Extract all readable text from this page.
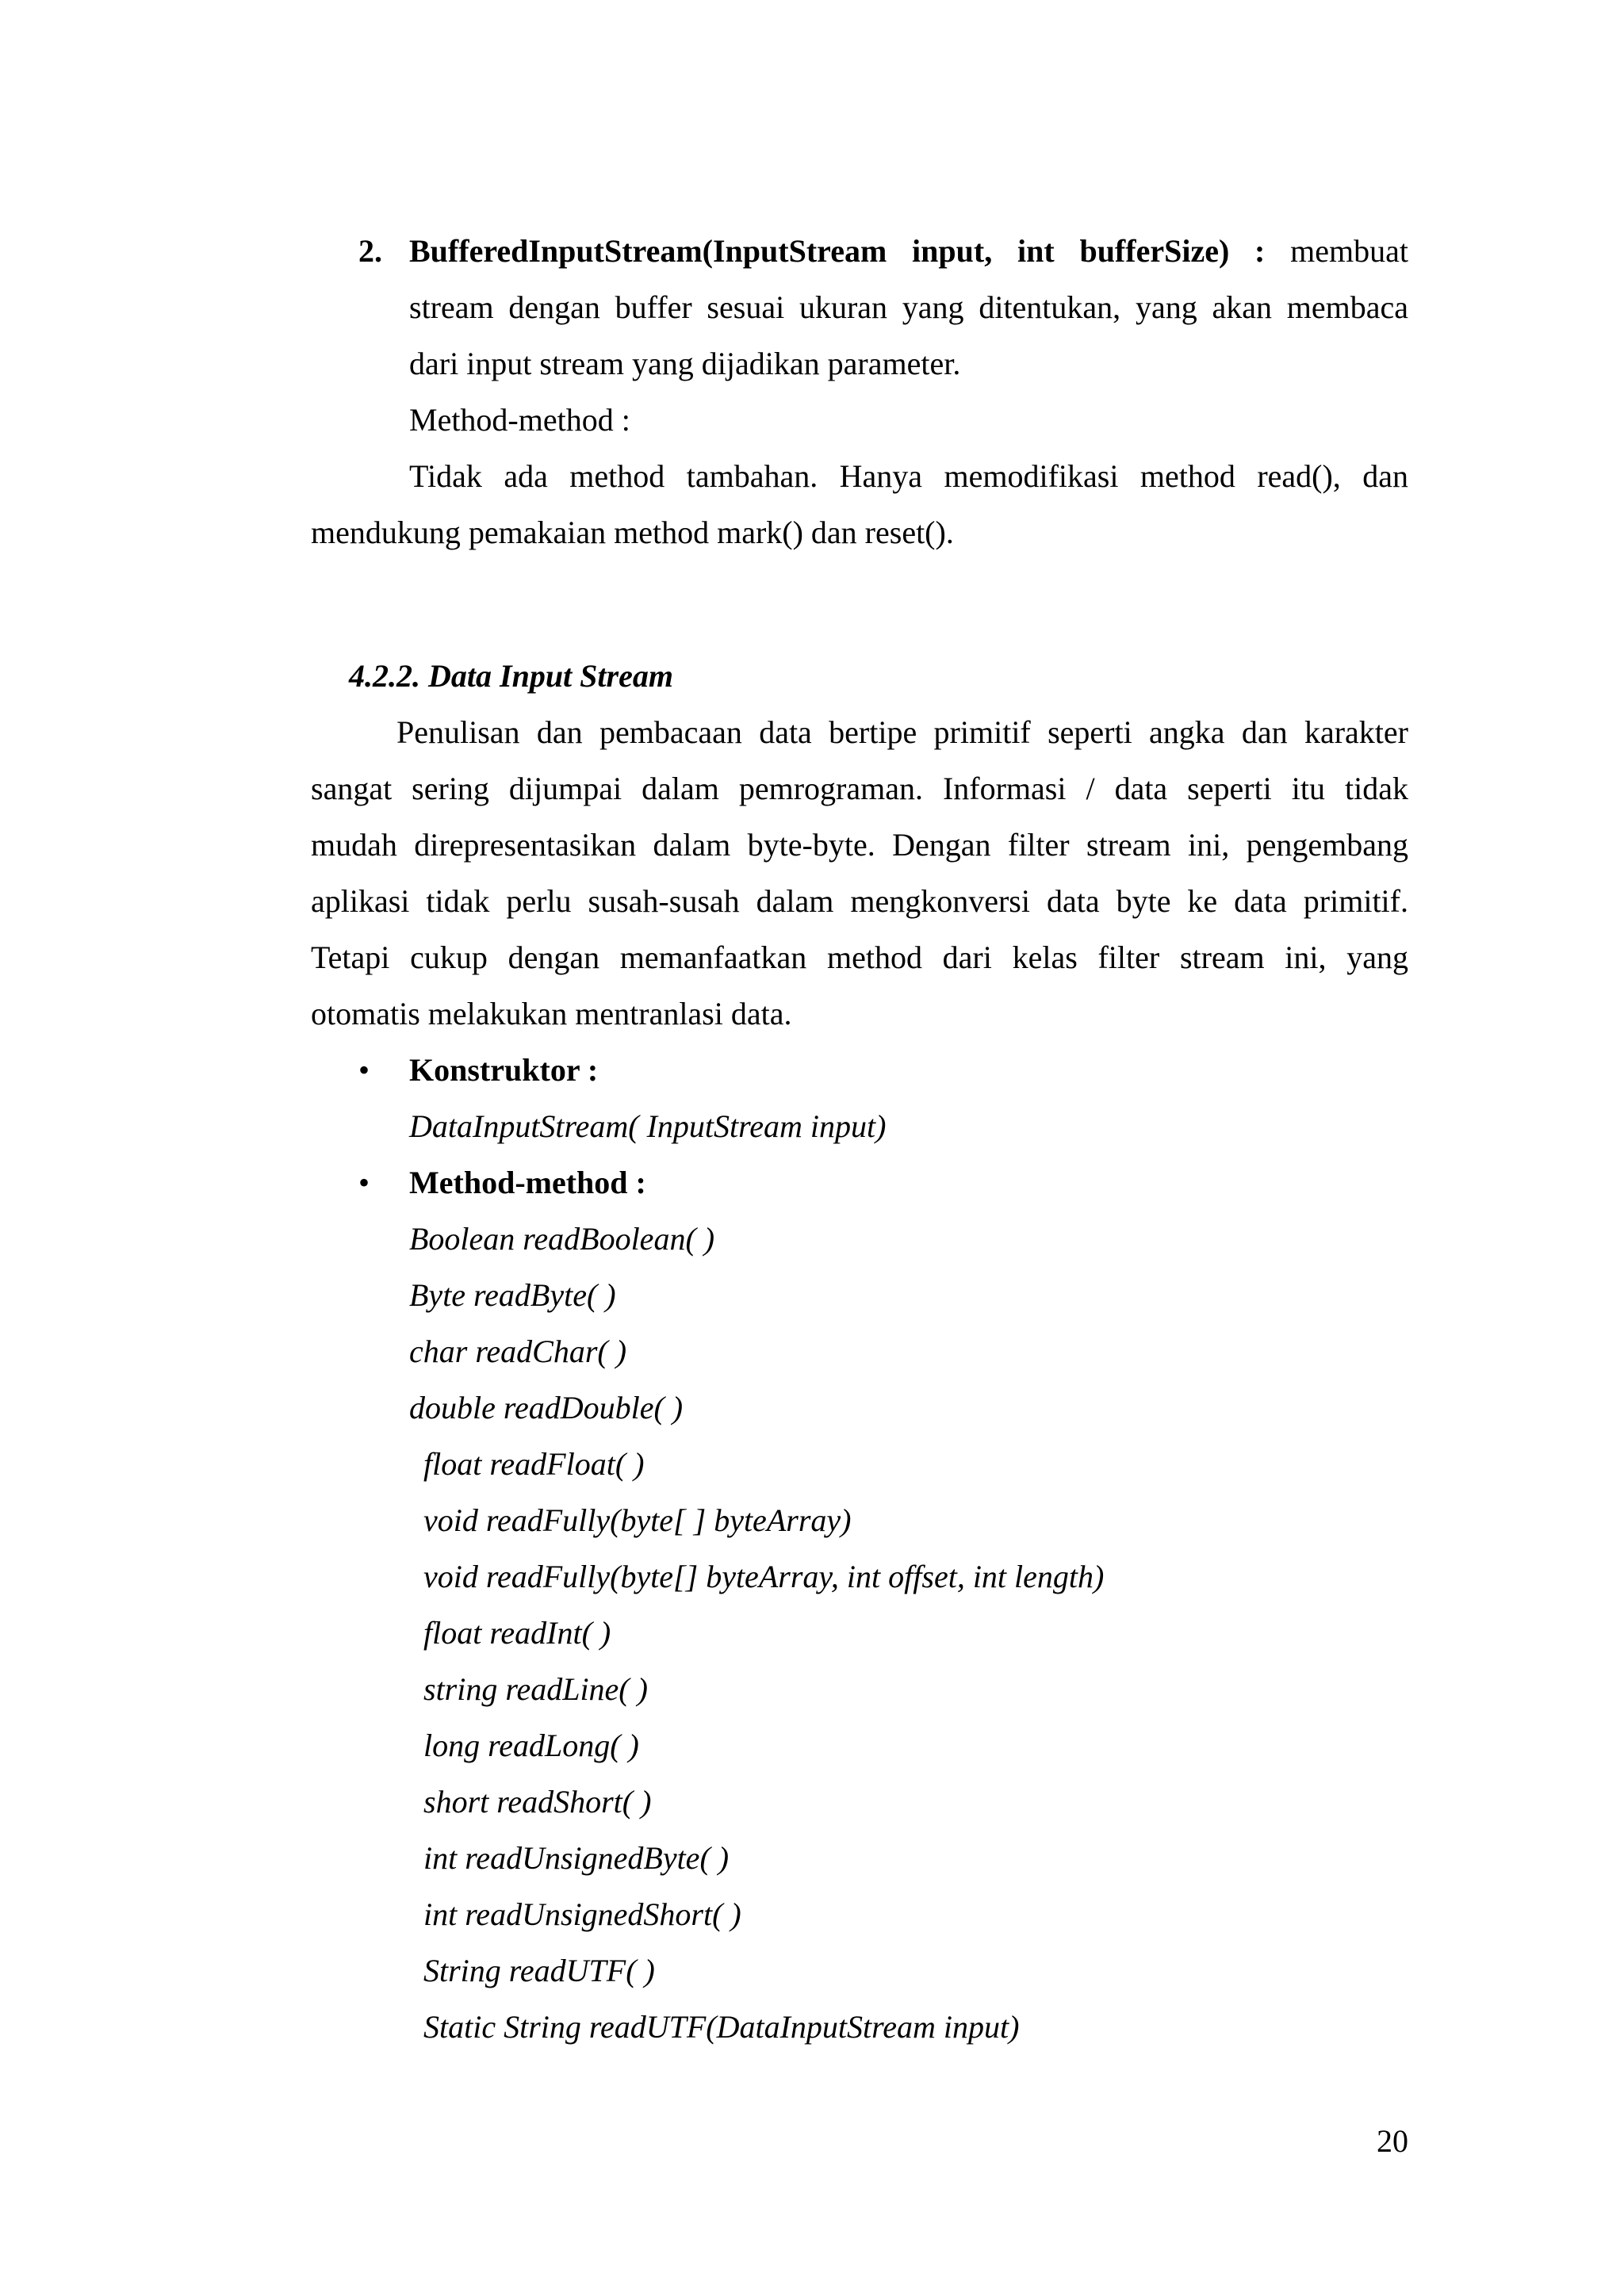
2. BufferedInputStream(InputStream input, int bufferSize) : membuat
stream dengan buffer sesuai ukuran yang ditentukan, yang akan membaca
dari input stream yang dijadikan parameter.
Method-method :
Tidak ada method tambahan. Hanya memodifikasi method read(), dan
mendukung pemakaian method mark() dan reset().
4.2.2. Data Input Stream
Penulisan dan pembacaan data bertipe primitif seperti angka dan karakter
sangat sering dijumpai dalam pemrograman. Informasi / data seperti itu tidak
mudah direpresentasikan dalam byte-byte. Dengan filter stream ini, pengembang
aplikasi tidak perlu susah-susah dalam mengkonversi data byte ke data primitif.
Tetapi cukup dengan memanfaatkan method dari kelas filter stream ini, yang
otomatis melakukan mentranlasi data.
• Konstruktor :
DataInputStream( InputStream input)
• Method-method :
Boolean readBoolean( )
Byte readByte( )
char readChar( )
double readDouble( )
float readFloat( )
void readFully(byte[ ] byteArray)
void readFully(byte[] byteArray, int offset, int length)
float readInt( )
string readLine( )
long readLong( )
short readShort( )
int readUnsignedByte( )
int readUnsignedShort( )
String readUTF( )
Static String readUTF(DataInputStream input)
20
